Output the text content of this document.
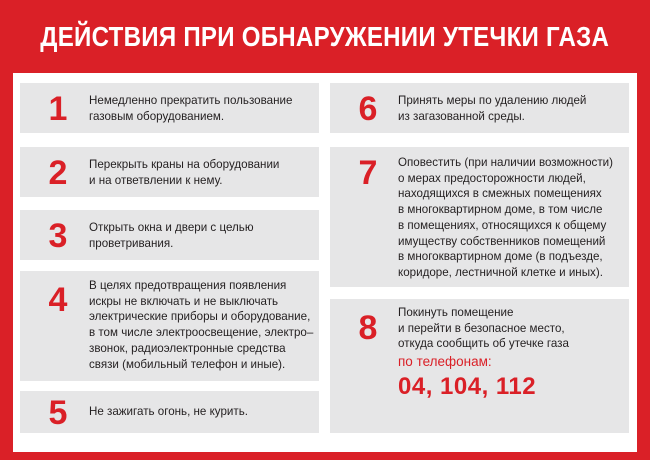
ДЕЙСТВИЯ ПРИ ОБНАРУЖЕНИИ УТЕЧКИ ГАЗА
1	Немедленно прекратить пользование
газовым оборудованием.
2	Перекрыть краны на оборудовании
и на ответвлении к нему.
3	Открыть окна и двери с целью
проветривания.
4	В целях предотвращения появления
искры не включать и не выключать
электрические приборы и оборудование,
в том числе электроосвещение, электро–
звонок, радиоэлектронные средства
связи (мобильный телефон и иные).
5	Не зажигать огонь, не курить.
6	Принять меры по удалению людей
из загазованной среды.
7	Оповестить (при наличии возможности)
о мерах предосторожности людей,
находящихся в смежных помещениях
в многоквартирном доме, в том числе
в помещениях, относящихся к общему
имуществу собственников помещений
в многоквартирном доме (в подъезде,
коридоре, лестничной клетке и иных).
8	Покинуть помещение
и перейти в безопасное место,
откуда сообщить об утечке газа
по телефонам:
04, 104, 112
